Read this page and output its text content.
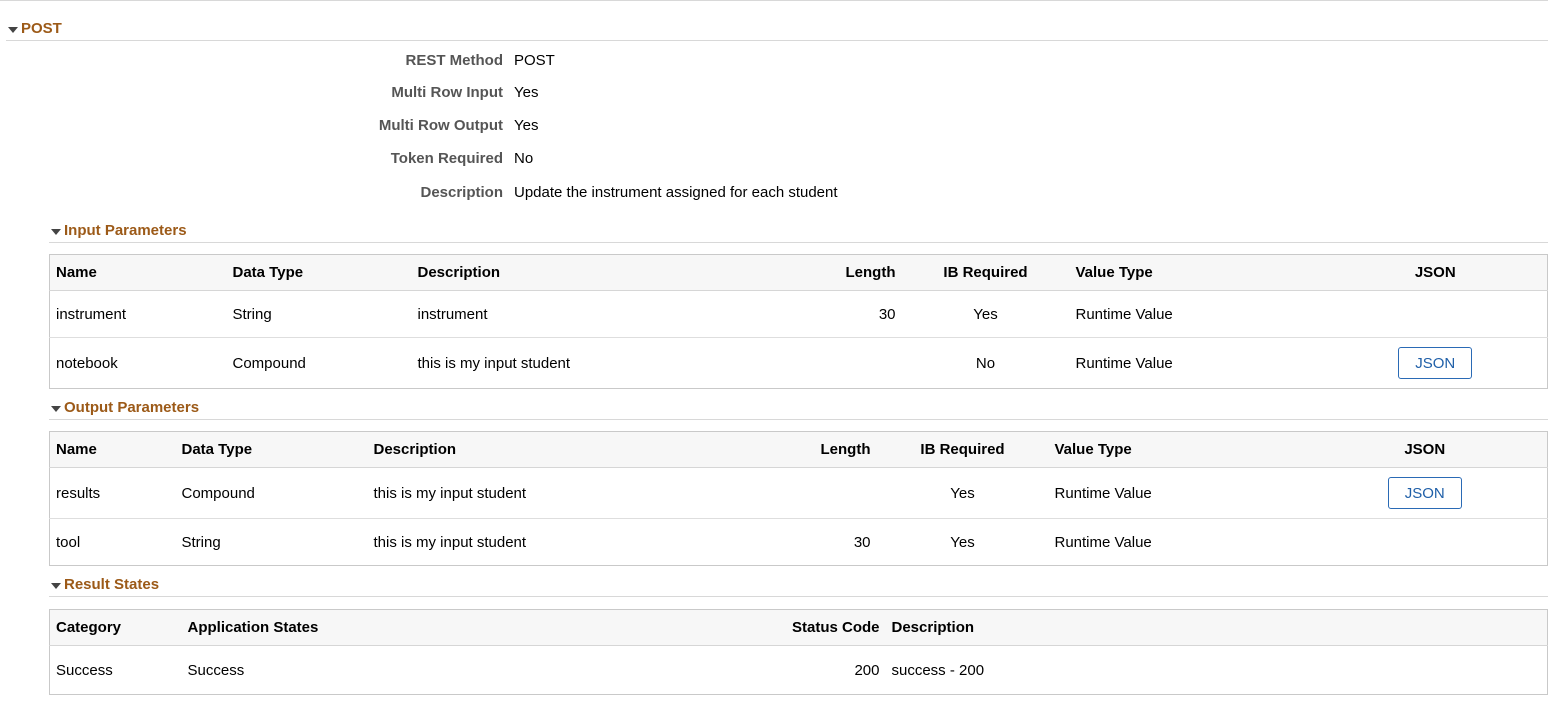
POST
REST Method POST
Multi Row Input Yes
Multi Row Output Yes
Token Required No
Description Update the instrument assigned for each student
Input Parameters
Name	Data Type	Description	Length	IB Required	Value Type	JSON
instrument	String	instrument	30	Yes	Runtime Value	
notebook	Compound	this is my input student		No	Runtime Value	JSON
Output Parameters
Name	Data Type	Description	Length	IB Required	Value Type	JSON
results	Compound	this is my input student		Yes	Runtime Value	JSON
tool	String	this is my input student	30	Yes	Runtime Value	
Result States
Category	Application States	Status Code	Description
Success	Success	200	success - 200
